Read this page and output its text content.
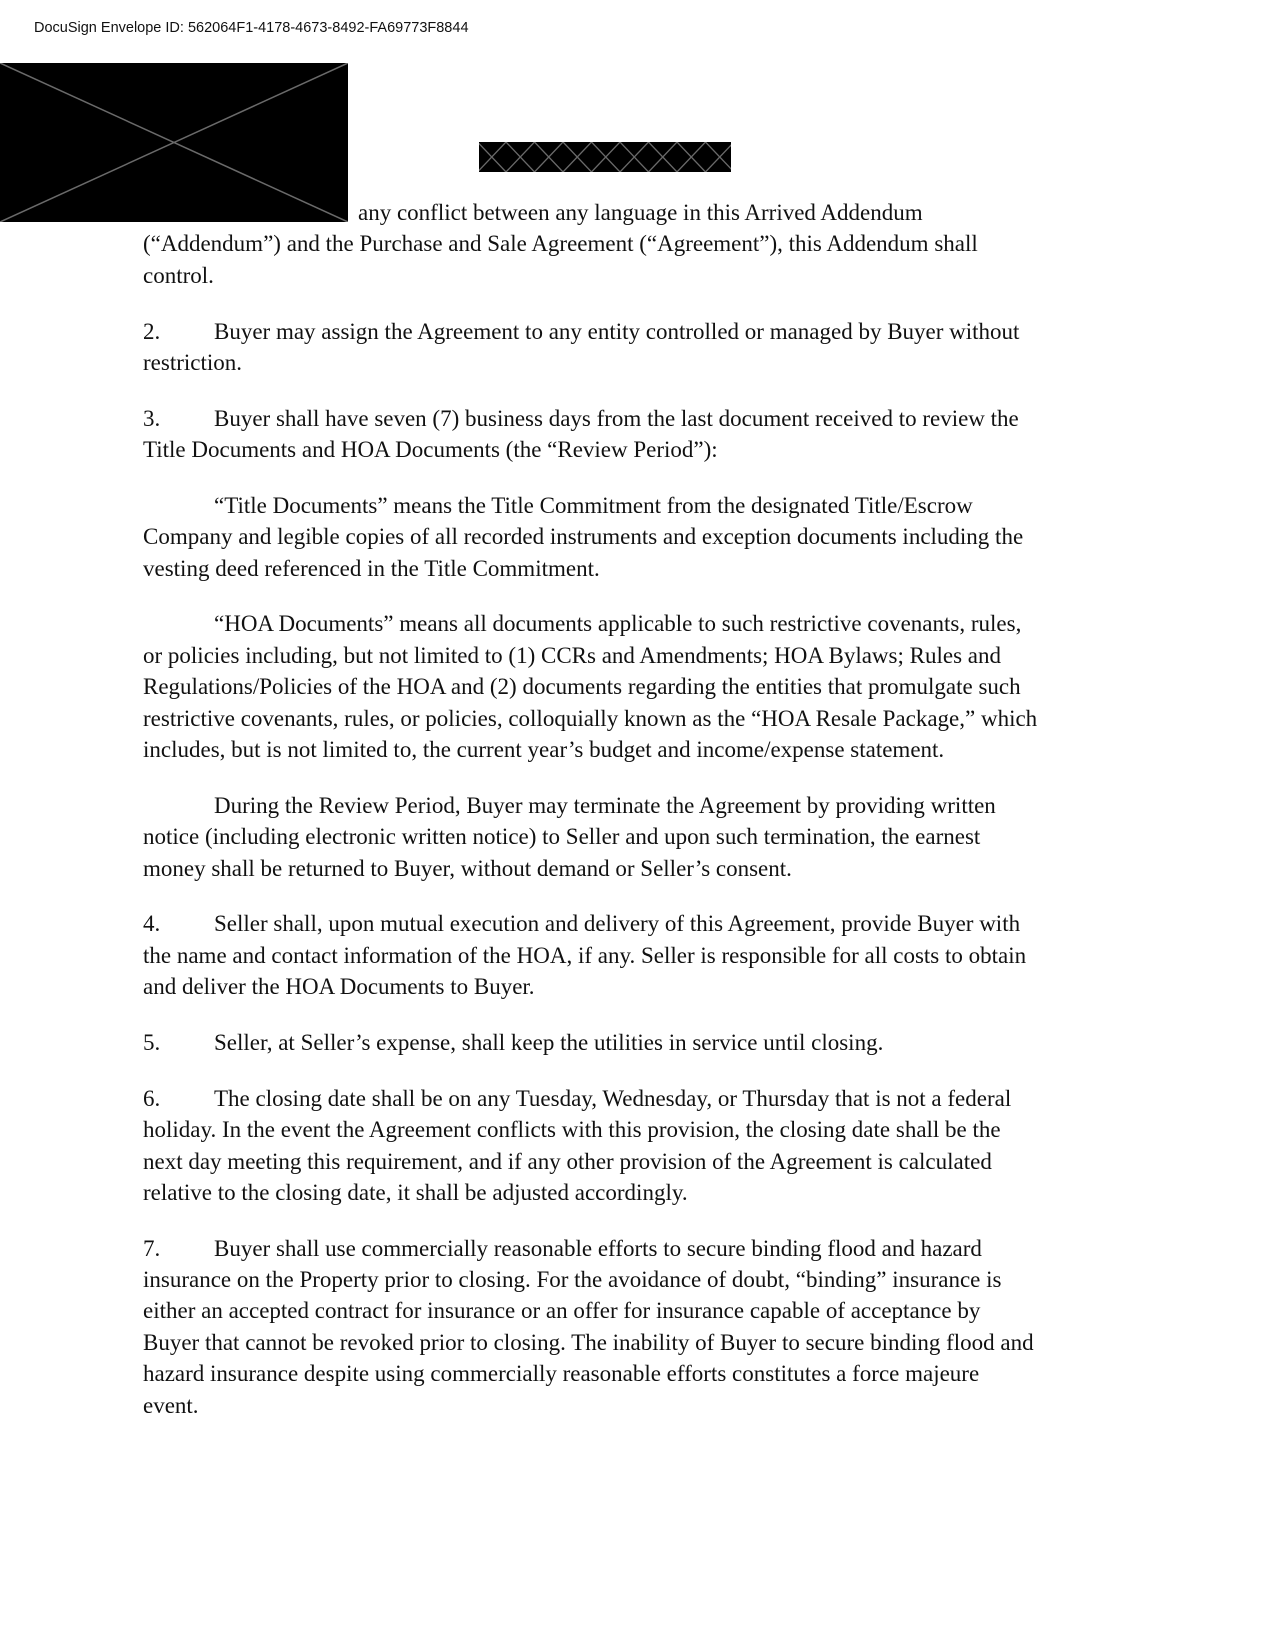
DocuSign Envelope ID: 562064F1-4178-4673-8492-FA69773F8844
any conflict between any language in this Arrived Addendum
(“Addendum”) and the Purchase and Sale Agreement (“Agreement”), this Addendum shall
control.
2. Buyer may assign the Agreement to any entity controlled or managed by Buyer without
restriction.
3. Buyer shall have seven (7) business days from the last document received to review the
Title Documents and HOA Documents (the “Review Period”):
“Title Documents” means the Title Commitment from the designated Title/Escrow
Company and legible copies of all recorded instruments and exception documents including the
vesting deed referenced in the Title Commitment.
“HOA Documents” means all documents applicable to such restrictive covenants, rules,
or policies including, but not limited to (1) CCRs and Amendments; HOA Bylaws; Rules and
Regulations/Policies of the HOA and (2) documents regarding the entities that promulgate such
restrictive covenants, rules, or policies, colloquially known as the “HOA Resale Package,” which
includes, but is not limited to, the current year’s budget and income/expense statement.
During the Review Period, Buyer may terminate the Agreement by providing written
notice (including electronic written notice) to Seller and upon such termination, the earnest
money shall be returned to Buyer, without demand or Seller’s consent.
4. Seller shall, upon mutual execution and delivery of this Agreement, provide Buyer with
the name and contact information of the HOA, if any. Seller is responsible for all costs to obtain
and deliver the HOA Documents to Buyer.
5. Seller, at Seller’s expense, shall keep the utilities in service until closing.
6. The closing date shall be on any Tuesday, Wednesday, or Thursday that is not a federal
holiday. In the event the Agreement conflicts with this provision, the closing date shall be the
next day meeting this requirement, and if any other provision of the Agreement is calculated
relative to the closing date, it shall be adjusted accordingly.
7. Buyer shall use commercially reasonable efforts to secure binding flood and hazard
insurance on the Property prior to closing. For the avoidance of doubt, “binding” insurance is
either an accepted contract for insurance or an offer for insurance capable of acceptance by
Buyer that cannot be revoked prior to closing. The inability of Buyer to secure binding flood and
hazard insurance despite using commercially reasonable efforts constitutes a force majeure
event.
